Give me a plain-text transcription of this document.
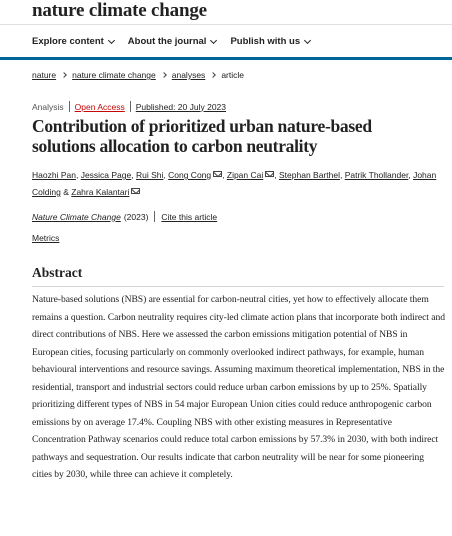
nature climate change
Explore content	About the journal	Publish with us
nature nature climate change analyses article
Analysis Open Access Published: 20 July 2023
Contribution of prioritized urban nature-based solutions allocation to carbon neutrality
Haozhi Pan, Jessica Page, Rui Shi, Cong Cong , Zipan Cai , Stephan Barthel, Patrik Thollander, Johan Colding & Zahra Kalantari
Nature Climate Change (2023) Cite this article
Metrics
Abstract

Nature-based solutions (NBS) are essential for carbon-neutral cities, yet how to effectively allocate them remains a question. Carbon neutrality requires city-led climate action plans that incorporate both indirect and direct contributions of NBS. Here we assessed the carbon emissions mitigation potential of NBS in European cities, focusing particularly on commonly overlooked indirect pathways, for example, human behavioural interventions and resource savings. Assuming maximum theoretical implementation, NBS in the residential, transport and industrial sectors could reduce urban carbon emissions by up to 25%. Spatially prioritizing different types of NBS in 54 major European Union cities could reduce anthropogenic carbon emissions by on average 17.4%. Coupling NBS with other existing measures in Representative Concentration Pathway scenarios could reduce total carbon emissions by 57.3% in 2030, with both indirect pathways and sequestration. Our results indicate that carbon neutrality will be near for some pioneering cities by 2030, while three can achieve it completely.
